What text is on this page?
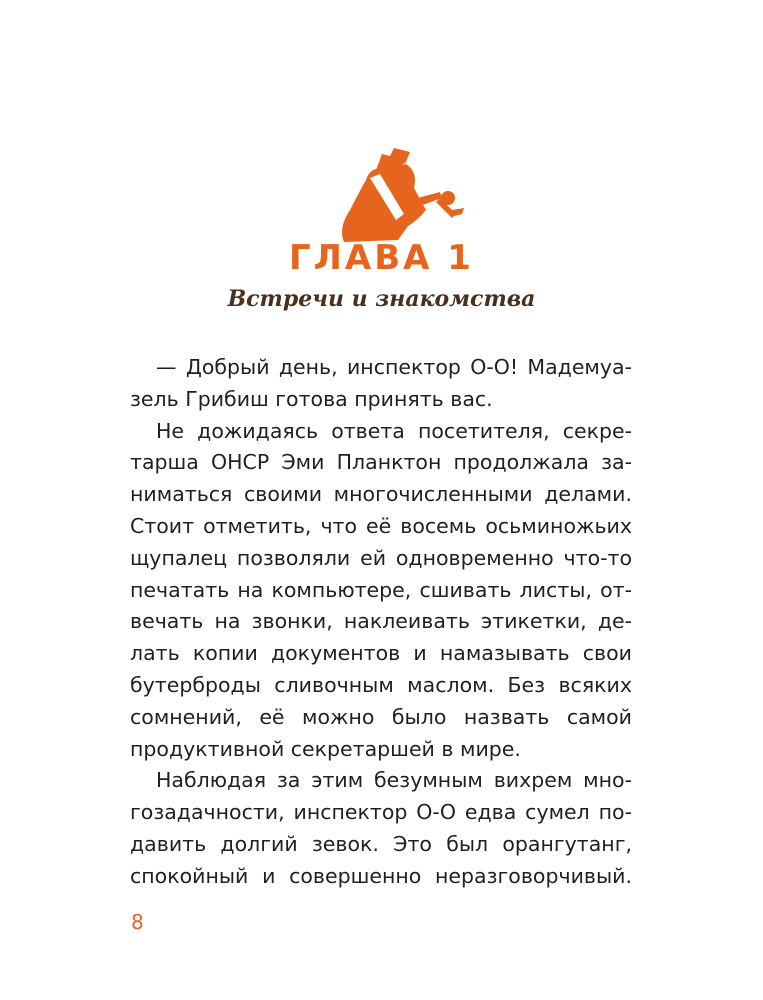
ГЛАВА 1
Встречи и знакомства
— Добрый день, инспектор О-О! Мадемуа-
зель Грибиш готова принять вас.
Не дожидаясь ответа посетителя, секре-
тарша ОНСР Эми Планктон продолжала за-
ниматься своими многочисленными делами.
Стоит отметить, что её восемь осьминожьих
щупалец позволяли ей одновременно что-то
печатать на компьютере, сшивать листы, от-
вечать на звонки, наклеивать этикетки, де-
лать копии документов и намазывать свои
бутерброды сливочным маслом. Без всяких
сомнений, её можно было назвать самой
продуктивной секретаршей в мире.
Наблюдая за этим безумным вихрем мно-
гозадачности, инспектор О-О едва сумел по-
давить долгий зевок. Это был орангутанг,
спокойный и совершенно неразговорчивый.
8
